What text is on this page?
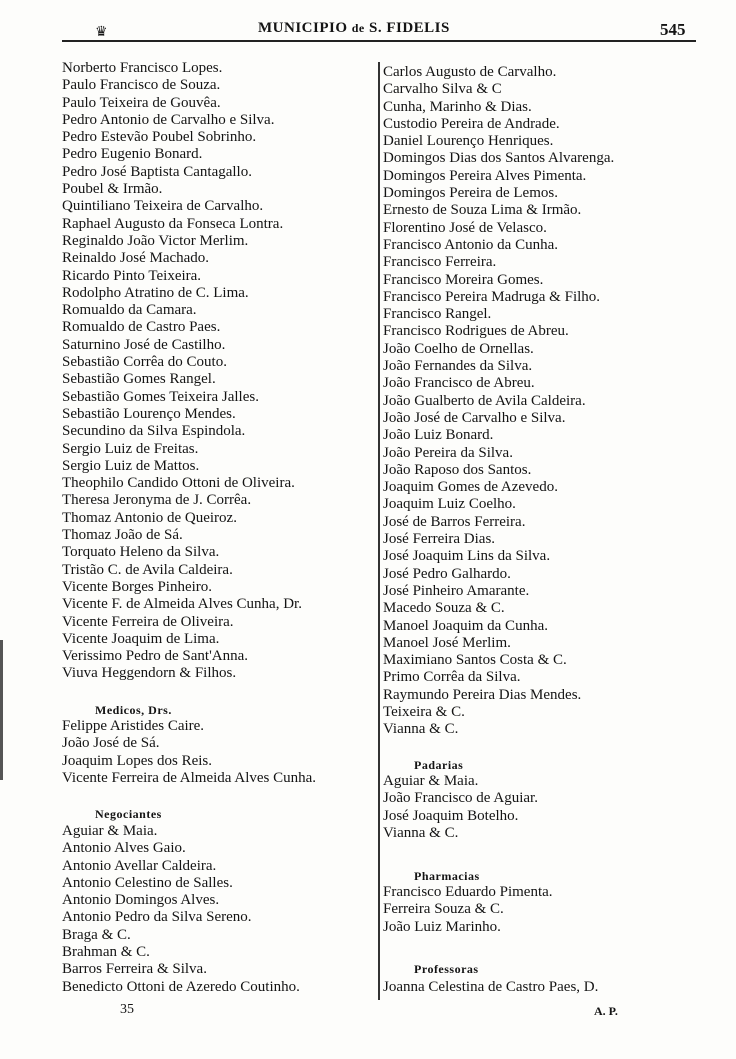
♛	MUNICIPIO de S. FIDELIS	545
Norberto Francisco Lopes.
Paulo Francisco de Souza.
Paulo Teixeira de Gouvêa.
Pedro Antonio de Carvalho e Silva.
Pedro Estevão Poubel Sobrinho.
Pedro Eugenio Bonard.
Pedro José Baptista Cantagallo.
Poubel & Irmão.
Quintiliano Teixeira de Carvalho.
Raphael Augusto da Fonseca Lontra.
Reginaldo João Victor Merlim.
Reinaldo José Machado.
Ricardo Pinto Teixeira.
Rodolpho Atratino de C. Lima.
Romualdo da Camara.
Romualdo de Castro Paes.
Saturnino José de Castilho.
Sebastião Corrêa do Couto.
Sebastião Gomes Rangel.
Sebastião Gomes Teixeira Jalles.
Sebastião Lourenço Mendes.
Secundino da Silva Espindola.
Sergio Luiz de Freitas.
Sergio Luiz de Mattos.
Theophilo Candido Ottoni de Oliveira.
Theresa Jeronyma de J. Corrêa.
Thomaz Antonio de Queiroz.
Thomaz João de Sá.
Torquato Heleno da Silva.
Tristão C. de Avila Caldeira.
Vicente Borges Pinheiro.
Vicente F. de Almeida Alves Cunha, Dr.
Vicente Ferreira de Oliveira.
Vicente Joaquim de Lima.
Verissimo Pedro de Sant'Anna.
Viuva Heggendorn & Filhos.
Medicos, Drs.
Felippe Aristides Caire.
João José de Sá.
Joaquim Lopes dos Reis.
Vicente Ferreira de Almeida Alves Cunha.
Negociantes
Aguiar & Maia.
Antonio Alves Gaio.
Antonio Avellar Caldeira.
Antonio Celestino de Salles.
Antonio Domingos Alves.
Antonio Pedro da Silva Sereno.
Braga & C.
Brahman & C.
Barros Ferreira & Silva.
Benedicto Ottoni de Azeredo Coutinho.
Carlos Augusto de Carvalho.
Carvalho Silva & C
Cunha, Marinho & Dias.
Custodio Pereira de Andrade.
Daniel Lourenço Henriques.
Domingos Dias dos Santos Alvarenga.
Domingos Pereira Alves Pimenta.
Domingos Pereira de Lemos.
Ernesto de Souza Lima & Irmão.
Florentino José de Velasco.
Francisco Antonio da Cunha.
Francisco Ferreira.
Francisco Moreira Gomes.
Francisco Pereira Madruga & Filho.
Francisco Rangel.
Francisco Rodrigues de Abreu.
João Coelho de Ornellas.
João Fernandes da Silva.
João Francisco de Abreu.
João Gualberto de Avila Caldeira.
João José de Carvalho e Silva.
João Luiz Bonard.
João Pereira da Silva.
João Raposo dos Santos.
Joaquim Gomes de Azevedo.
Joaquim Luiz Coelho.
José de Barros Ferreira.
José Ferreira Dias.
José Joaquim Lins da Silva.
José Pedro Galhardo.
José Pinheiro Amarante.
Macedo Souza & C.
Manoel Joaquim da Cunha.
Manoel José Merlim.
Maximiano Santos Costa & C.
Primo Corrêa da Silva.
Raymundo Pereira Dias Mendes.
Teixeira & C.
Vianna & C.
Padarias
Aguiar & Maia.
João Francisco de Aguiar.
José Joaquim Botelho.
Vianna & C.
Pharmacias
Francisco Eduardo Pimenta.
Ferreira Souza & C.
João Luiz Marinho.
Professoras
Joanna Celestina de Castro Paes, D.
35	A. P.
